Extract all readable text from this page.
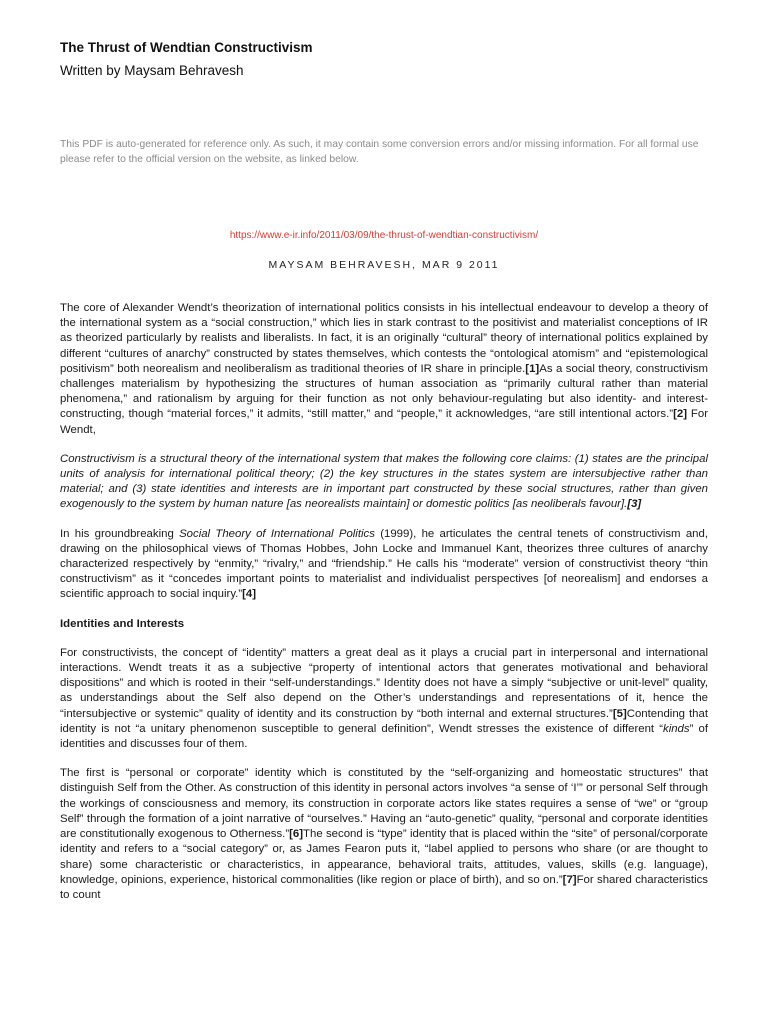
The Thrust of Wendtian Constructivism
Written by Maysam Behravesh
This PDF is auto-generated for reference only. As such, it may contain some conversion errors and/or missing information. For all formal use please refer to the official version on the website, as linked below.
https://www.e-ir.info/2011/03/09/the-thrust-of-wendtian-constructivism/
MAYSAM BEHRAVESH, MAR 9 2011

The core of Alexander Wendt’s theorization of international politics consists in his intellectual endeavour to develop a theory of the international system as a “social construction,” which lies in stark contrast to the positivist and materialist conceptions of IR as theorized particularly by realists and liberalists. In fact, it is an originally “cultural” theory of international politics explained by different “cultures of anarchy” constructed by states themselves, which contests the “ontological atomism” and “epistemological positivism” both neorealism and neoliberalism as traditional theories of IR share in principle.[1]As a social theory, constructivism challenges materialism by hypothesizing the structures of human association as “primarily cultural rather than material phenomena,” and rationalism by arguing for their function as not only behaviour-regulating but also identity- and interest-constructing, though “material forces,” it admits, “still matter,” and “people,” it acknowledges, “are still intentional actors.”[2] For Wendt,

Constructivism is a structural theory of the international system that makes the following core claims: (1) states are the principal units of analysis for international political theory; (2) the key structures in the states system are intersubjective rather than material; and (3) state identities and interests are in important part constructed by these social structures, rather than given exogenously to the system by human nature [as neorealists maintain] or domestic politics [as neoliberals favour].[3]

In his groundbreaking Social Theory of International Politics (1999), he articulates the central tenets of constructivism and, drawing on the philosophical views of Thomas Hobbes, John Locke and Immanuel Kant, theorizes three cultures of anarchy characterized respectively by “enmity,” “rivalry,” and “friendship.” He calls his “moderate” version of constructivist theory “thin constructivism” as it “concedes important points to materialist and individualist perspectives [of neorealism] and endorses a scientific approach to social inquiry.”[4]

Identities and Interests

For constructivists, the concept of “identity” matters a great deal as it plays a crucial part in interpersonal and international interactions. Wendt treats it as a subjective “property of intentional actors that generates motivational and behavioral dispositions” and which is rooted in their “self-understandings.” Identity does not have a simply “subjective or unit-level” quality, as understandings about the Self also depend on the Other’s understandings and representations of it, hence the “intersubjective or systemic” quality of identity and its construction by “both internal and external structures.”[5]Contending that identity is not “a unitary phenomenon susceptible to general definition”, Wendt stresses the existence of different “kinds” of identities and discusses four of them.

The first is “personal or corporate” identity which is constituted by the “self-organizing and homeostatic structures” that distinguish Self from the Other. As construction of this identity in personal actors involves “a sense of ‘I’” or personal Self through the workings of consciousness and memory, its construction in corporate actors like states requires a sense of “we” or “group Self” through the formation of a joint narrative of “ourselves.” Having an “auto-genetic” quality, “personal and corporate identities are constitutionally exogenous to Otherness.”[6]The second is “type” identity that is placed within the “site” of personal/corporate identity and refers to a “social category” or, as James Fearon puts it, “label applied to persons who share (or are thought to share) some characteristic or characteristics, in appearance, behavioral traits, attitudes, values, skills (e.g. language), knowledge, opinions, experience, historical commonalities (like region or place of birth), and so on.”[7]For shared characteristics to count
